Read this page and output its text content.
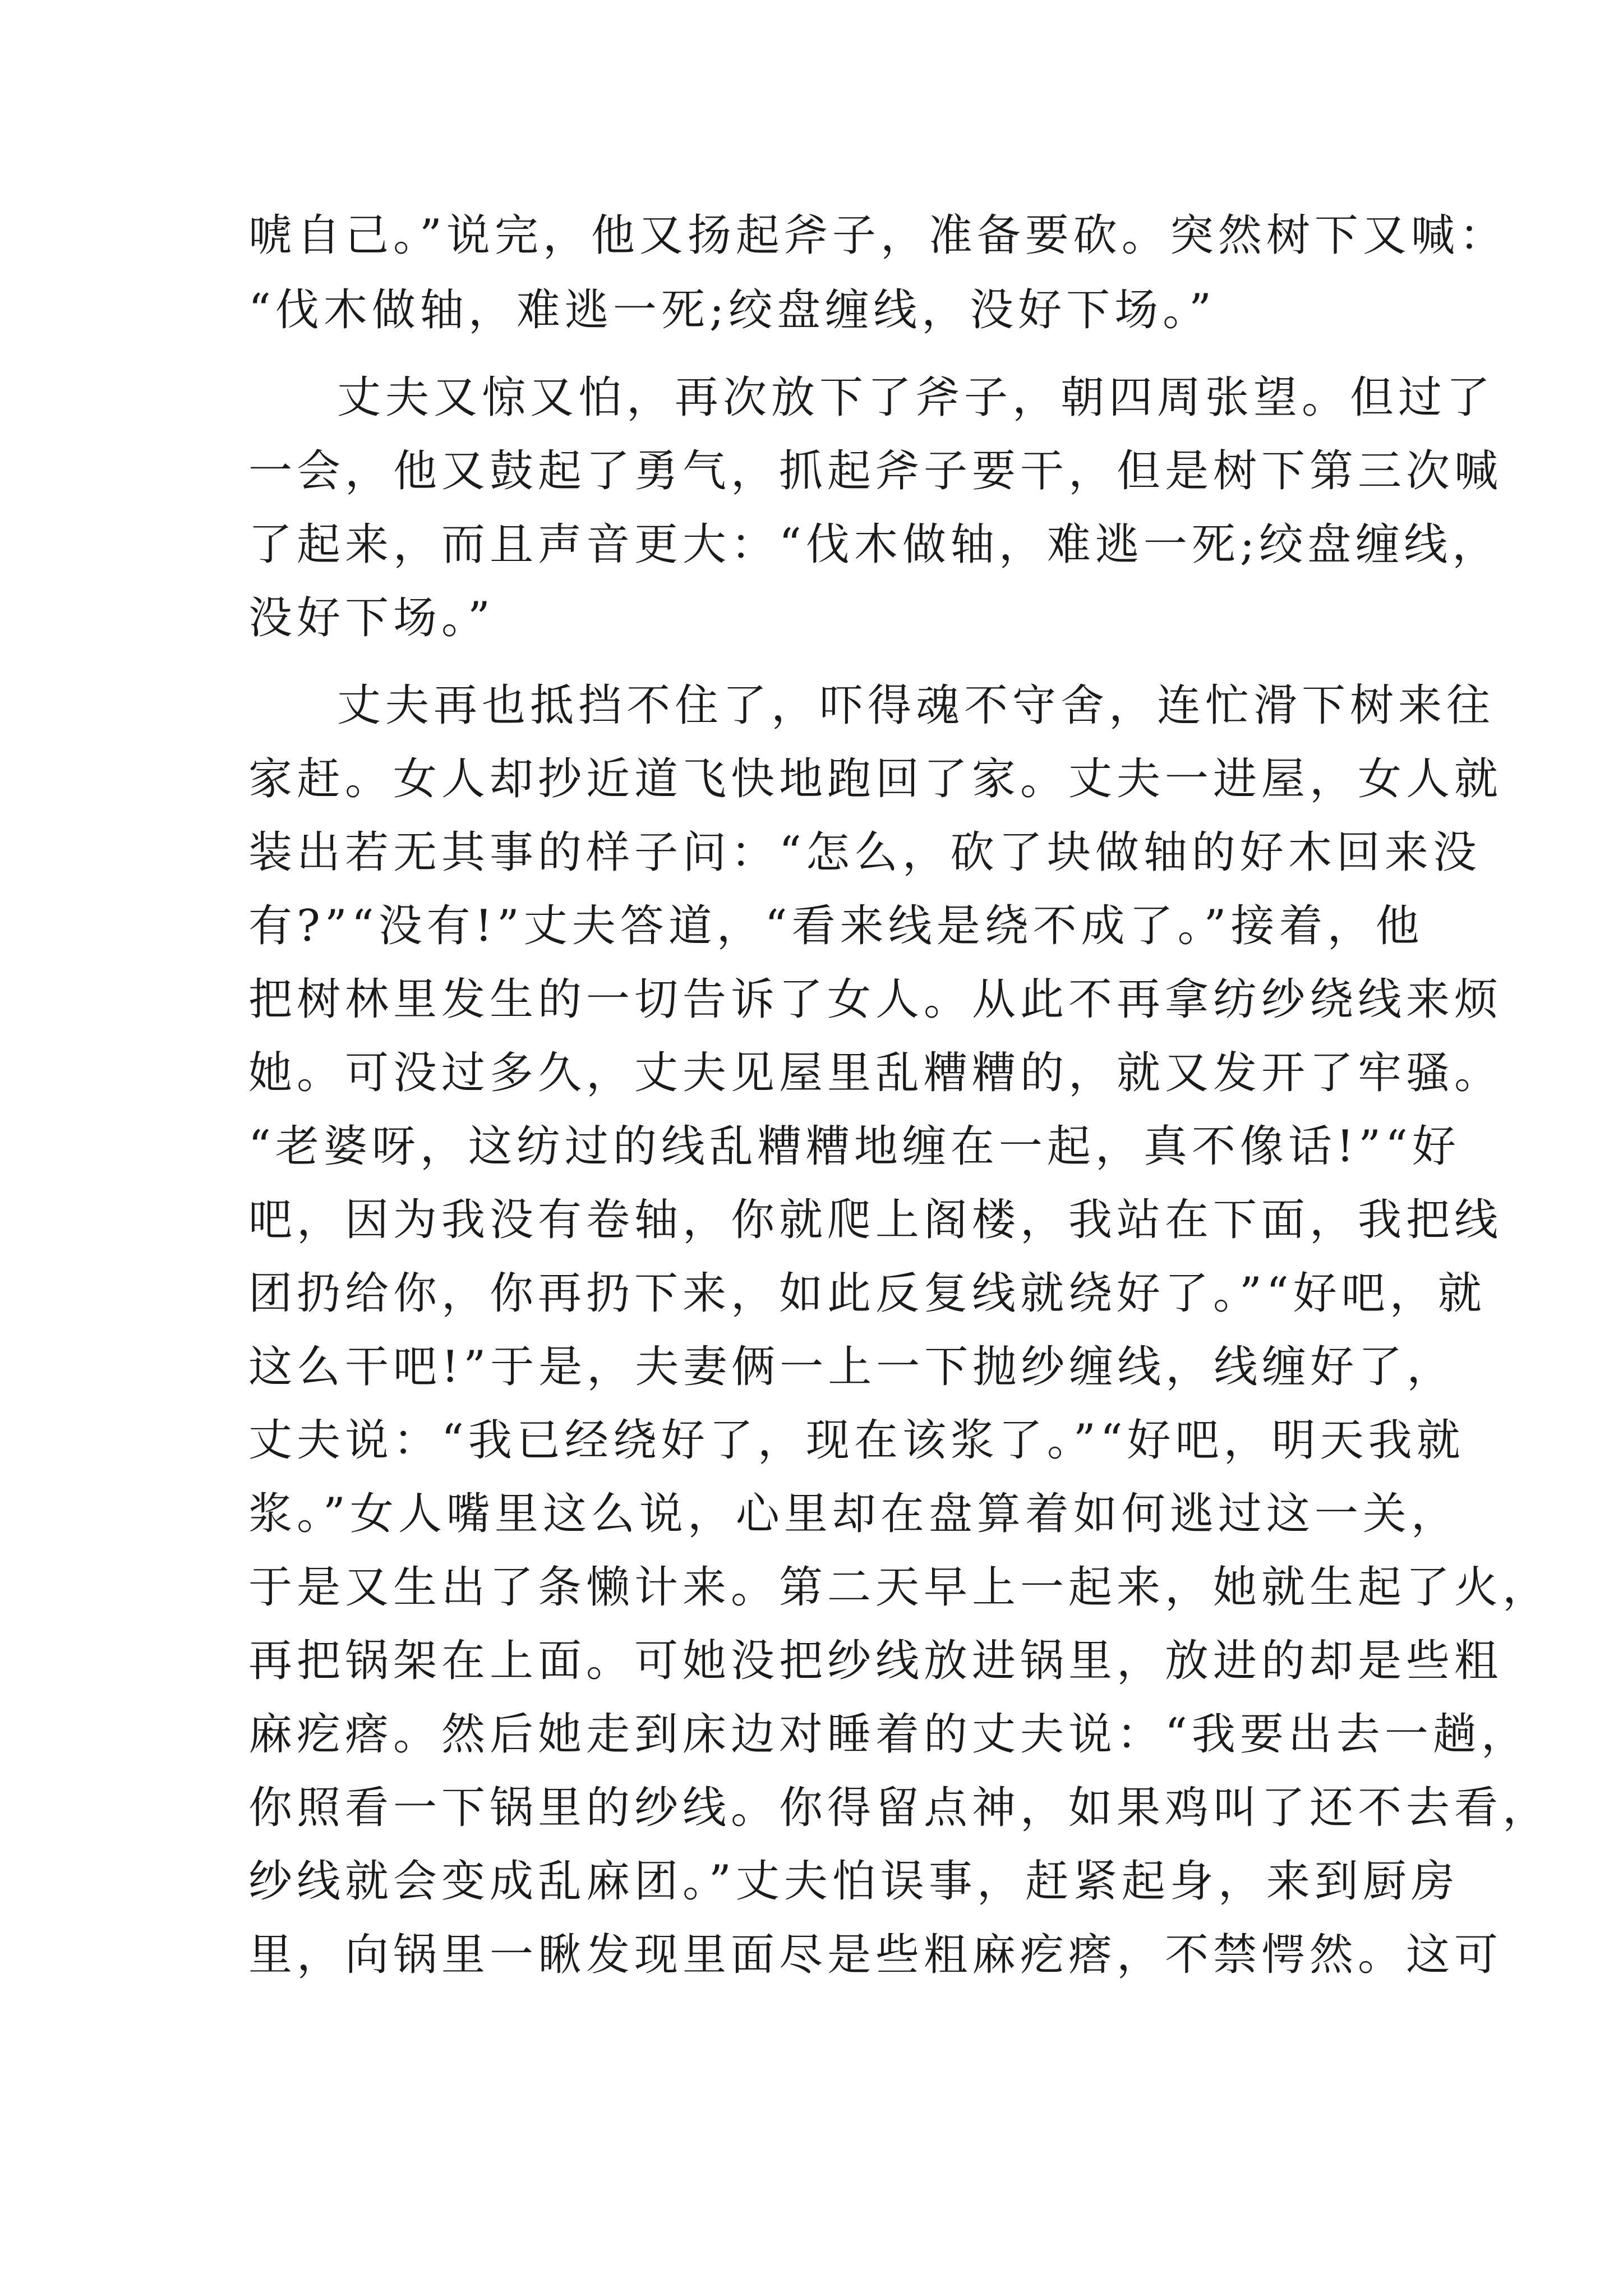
唬自己。”说完，他又扬起斧子，准备要砍。突然树下又喊：
“伐木做轴，难逃一死;绞盘缠线，没好下场。”
丈夫又惊又怕，再次放下了斧子，朝四周张望。但过了
一会，他又鼓起了勇气，抓起斧子要干，但是树下第三次喊
了起来，而且声音更大：“伐木做轴，难逃一死;绞盘缠线，
没好下场。”
丈夫再也抵挡不住了，吓得魂不守舍，连忙滑下树来往
家赶。女人却抄近道飞快地跑回了家。丈夫一进屋，女人就
装出若无其事的样子问：“怎么，砍了块做轴的好木回来没
有?”“没有!”丈夫答道，“看来线是绕不成了。”接着，他
把树林里发生的一切告诉了女人。从此不再拿纺纱绕线来烦
她。可没过多久，丈夫见屋里乱糟糟的，就又发开了牢骚。
“老婆呀，这纺过的线乱糟糟地缠在一起，真不像话!”“好
吧，因为我没有卷轴，你就爬上阁楼，我站在下面，我把线
团扔给你，你再扔下来，如此反复线就绕好了。”“好吧，就
这么干吧!”于是，夫妻俩一上一下抛纱缠线，线缠好了，
丈夫说：“我已经绕好了，现在该浆了。”“好吧，明天我就
浆。”女人嘴里这么说，心里却在盘算着如何逃过这一关，
于是又生出了条懒计来。第二天早上一起来，她就生起了火，
再把锅架在上面。可她没把纱线放进锅里，放进的却是些粗
麻疙瘩。然后她走到床边对睡着的丈夫说：“我要出去一趟，
你照看一下锅里的纱线。你得留点神，如果鸡叫了还不去看，
纱线就会变成乱麻团。”丈夫怕误事，赶紧起身，来到厨房
里，向锅里一瞅发现里面尽是些粗麻疙瘩，不禁愕然。这可
